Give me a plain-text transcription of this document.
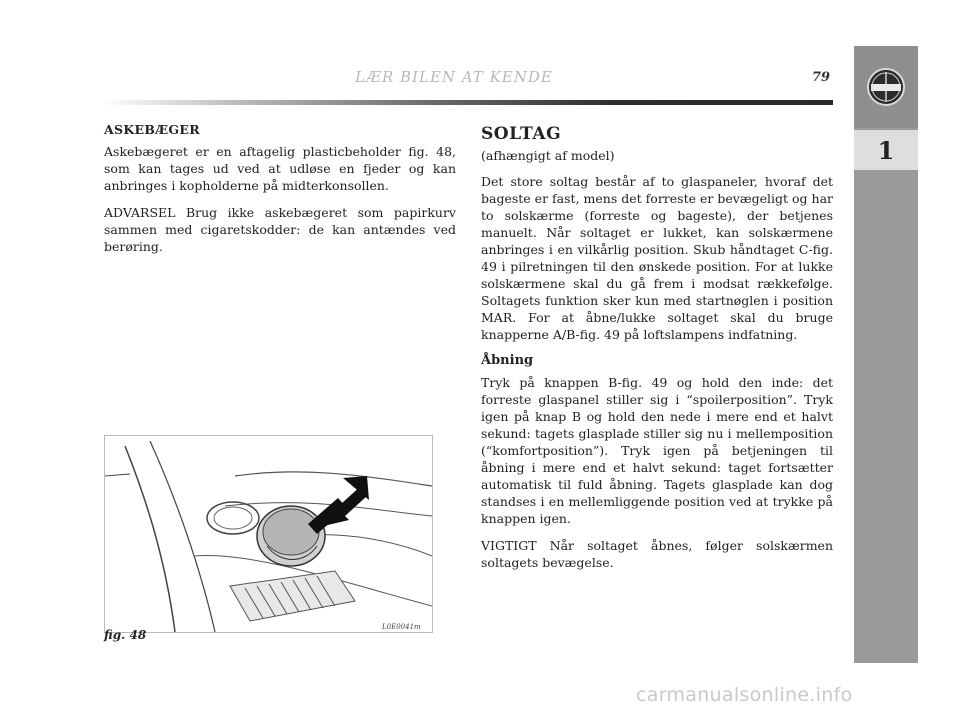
1
LÆR BILEN AT KENDE	79
ASKEBÆGER

Askebægeret er en aftagelig plasticbeholder fig. 48, som kan tages ud ved at udløse en fjeder og kan anbringes i kopholderne på midterkonsollen.

ADVARSEL Brug ikke askebægeret som papirkurv sammen med cigaretskodder: de kan antændes ved berøring.

SOLTAG
(afhængigt af model)

Det store soltag består af to glaspaneler, hvoraf det bageste er fast, mens det forreste er bevægeligt og har to solskærme (forreste og bageste), der betjenes manuelt. Når soltaget er lukket, kan solskærmene anbringes i en vilkårlig position. Skub håndtaget C-fig. 49 i pilretningen til den ønskede position. For at lukke solskærmene skal du gå frem i modsat rækkefølge. Soltagets funktion sker kun med startnøglen i position MAR. For at åbne/lukke soltaget skal du bruge knapperne A/B-fig. 49 på loftslampens indfatning.

Åbning

Tryk på knappen B-fig. 49 og hold den inde: det forreste glaspanel stiller sig i “spoilerposition”. Tryk igen på knap B og hold den nede i mere end et halvt sekund: tagets glasplade stiller sig nu i mellemposition (“komfortposition”). Tryk igen på betjeningen til åbning i mere end et halvt sekund: taget fortsætter automatisk til fuld åbning. Tagets glasplade kan dog standses i en mellemliggende position ved at trykke på knappen igen.

VIGTIGT Når soltaget åbnes, følger solskærmen soltagets bevægelse.

fig. 48
L0E0041m
carmanualsonline.info
